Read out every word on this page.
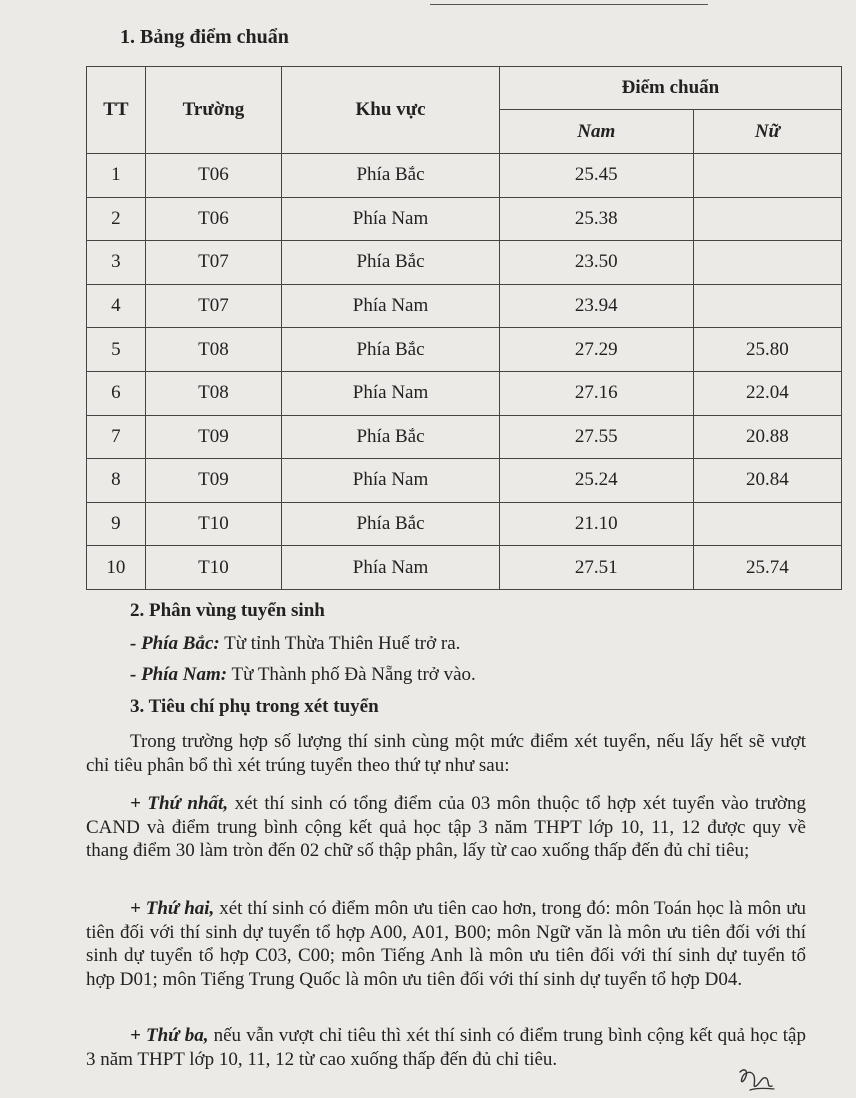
1. Bảng điểm chuẩn
TT	Trường	Khu vực	Điểm chuẩn	
			Nam	Nữ
1	T06	Phía Bắc	25.45	
2	T06	Phía Nam	25.38	
3	T07	Phía Bắc	23.50	
4	T07	Phía Nam	23.94	
5	T08	Phía Bắc	27.29	25.80
6	T08	Phía Nam	27.16	22.04
7	T09	Phía Bắc	27.55	20.88
8	T09	Phía Nam	25.24	20.84
9	T10	Phía Bắc	21.10	
10	T10	Phía Nam	27.51	25.74
2. Phân vùng tuyển sinh
- Phía Bắc: Từ tỉnh Thừa Thiên Huế trở ra.
- Phía Nam: Từ Thành phố Đà Nẵng trở vào.
3. Tiêu chí phụ trong xét tuyển
Trong trường hợp số lượng thí sinh cùng một mức điểm xét tuyển, nếu lấy hết sẽ vượt chỉ tiêu phân bổ thì xét trúng tuyển theo thứ tự như sau:
+ Thứ nhất, xét thí sinh có tổng điểm của 03 môn thuộc tổ hợp xét tuyển vào trường CAND và điểm trung bình cộng kết quả học tập 3 năm THPT lớp 10, 11, 12 được quy về thang điểm 30 làm tròn đến 02 chữ số thập phân, lấy từ cao xuống thấp đến đủ chỉ tiêu;
+ Thứ hai, xét thí sinh có điểm môn ưu tiên cao hơn, trong đó: môn Toán học là môn ưu tiên đối với thí sinh dự tuyển tổ hợp A00, A01, B00; môn Ngữ văn là môn ưu tiên đối với thí sinh dự tuyển tổ hợp C03, C00; môn Tiếng Anh là môn ưu tiên đối với thí sinh dự tuyển tổ hợp D01; môn Tiếng Trung Quốc là môn ưu tiên đối với thí sinh dự tuyển tổ hợp D04.
+ Thứ ba, nếu vẫn vượt chỉ tiêu thì xét thí sinh có điểm trung bình cộng kết quả học tập 3 năm THPT lớp 10, 11, 12 từ cao xuống thấp đến đủ chỉ tiêu.
